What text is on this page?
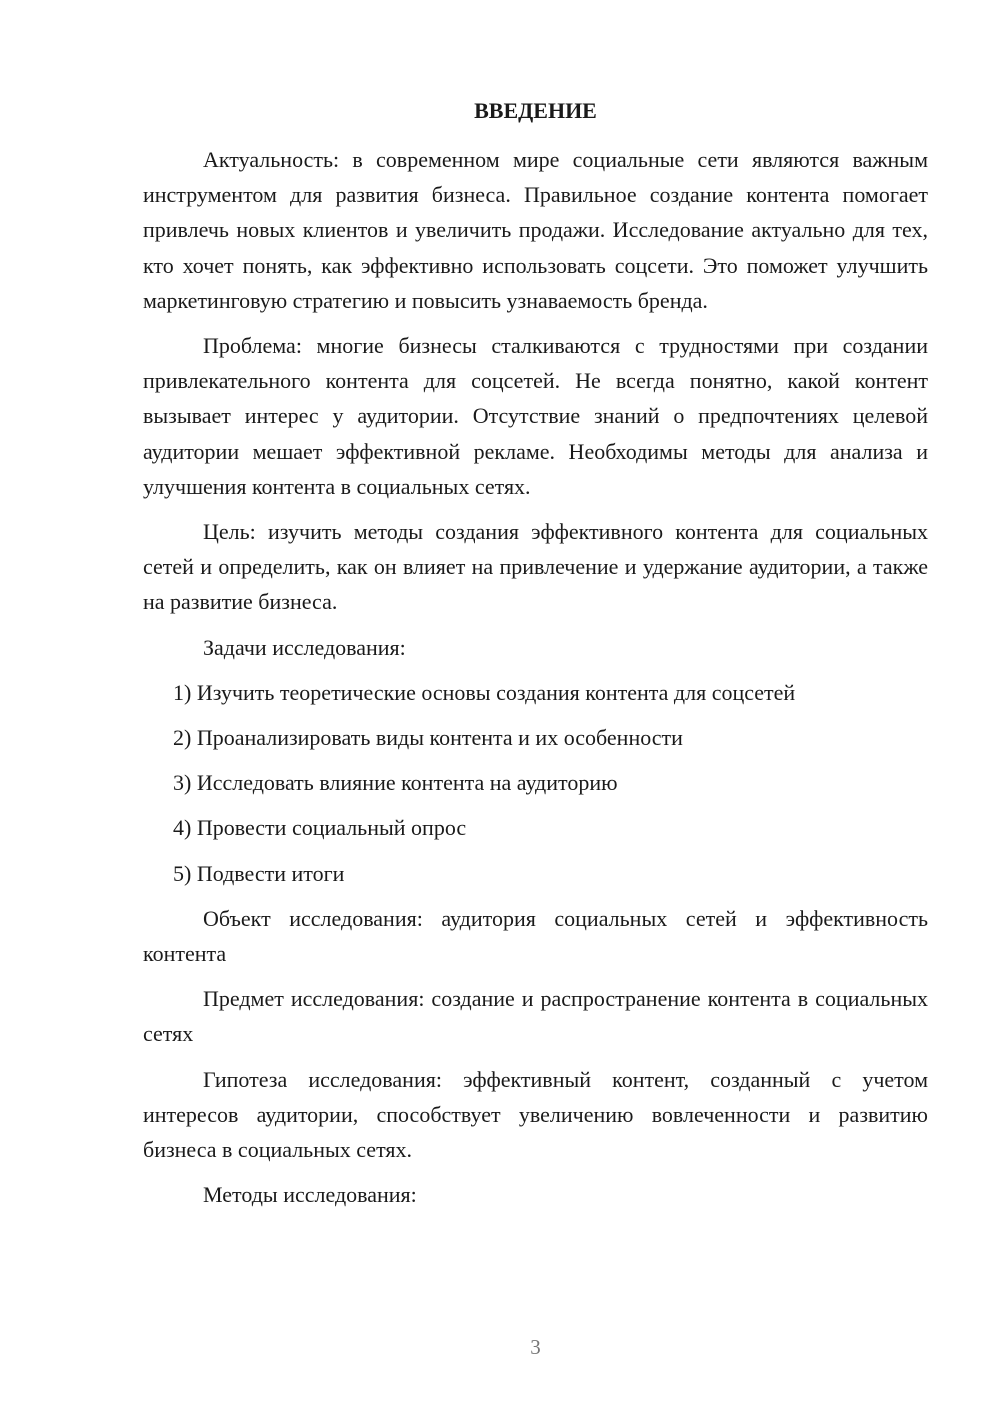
ВВЕДЕНИЕ

Актуальность: в современном мире социальные сети являются важным инструментом для развития бизнеса. Правильное создание контента помогает привлечь новых клиентов и увеличить продажи. Исследование актуально для тех, кто хочет понять, как эффективно использовать соцсети. Это поможет улучшить маркетинговую стратегию и повысить узнаваемость бренда.

Проблема: многие бизнесы сталкиваются с трудностями при создании привлекательного контента для соцсетей. Не всегда понятно, какой контент вызывает интерес у аудитории. Отсутствие знаний о предпочтениях целевой аудитории мешает эффективной рекламе. Необходимы методы для анализа и улучшения контента в социальных сетях.

Цель: изучить методы создания эффективного контента для социальных сетей и определить, как он влияет на привлечение и удержание аудитории, а также на развитие бизнеса.

Задачи исследования:

1) Изучить теоретические основы создания контента для соцсетей

2) Проанализировать виды контента и их особенности

3) Исследовать влияние контента на аудиторию

4) Провести социальный опрос

5) Подвести итоги

Объект исследования: аудитория социальных сетей и эффективность контента

Предмет исследования: создание и распространение контента в социальных сетях

Гипотеза исследования: эффективный контент, созданный с учетом интересов аудитории, способствует увеличению вовлеченности и развитию бизнеса в социальных сетях.

Методы исследования:

3
